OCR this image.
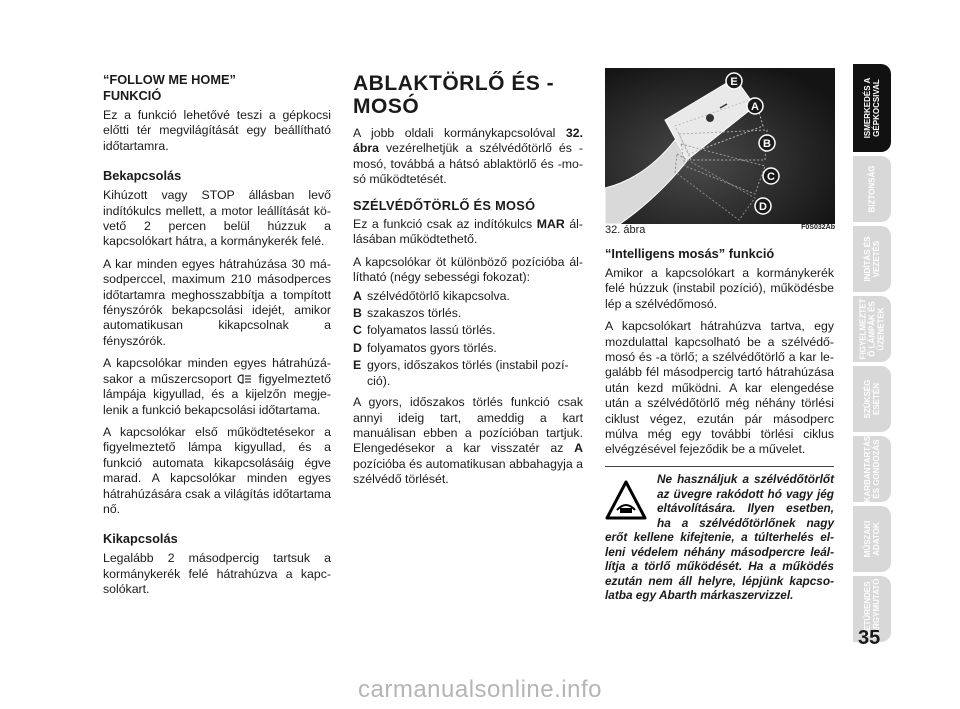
“FOLLOW ME HOME”
FUNKCIÓ

Ez a funkció lehetővé teszi a gépkocsi előtti tér megvilágítását egy beállítható időtartamra.

Bekapcsolás

Kihúzott vagy STOP állásban levő indítókulcs mellett, a motor leállítását követő 2 percen belül húzzuk a kapcsolókart hátra, a kormánykerék felé.

A kar minden egyes hátrahúzása 30 másodperccel, maximum 210 másodperces időtartamra meghosszabbítja a tompított fényszórók bekapcsolási idejét, amikor automatikusan kikapcsolnak a fényszórók.

A kapcsolókar minden egyes hátrahúzásakor a műszercsoport figyelmeztető lámpája kigyullad, és a kijelzőn megjelenik a funkció bekapcsolási időtartama.

A kapcsolókar első működtetésekor a figyelmeztető lámpa kigyullad, és a funkció automata kikapcsolásáig égve marad. A kapcsolókar minden egyes hátrahúzására csak a világítás időtartama nő.

Kikapcsolás

Legalább 2 másodpercig tartsuk a kormánykerék felé hátrahúzva a kapcsolókart.

ABLAKTÖRLŐ ÉS -
MOSÓ

A jobb oldali kormánykapcsolóval 32. ábra vezérelhetjük a szélvédőtörlő és -mosó, továbbá a hátsó ablaktörlő és -mosó működtetését.

SZÉLVÉDŐTÖRLŐ ÉS MOSÓ

Ez a funkció csak az indítókulcs MAR állásában működtethető.

A kapcsolókar öt különböző pozícióba állítható (négy sebességi fokozat):

A szélvédőtörlő kikapcsolva.
B szakaszos törlés.
C folyamatos lassú törlés.
D folyamatos gyors törlés.
E gyors, időszakos törlés (instabil pozíció).

A gyors, időszakos törlés funkció csak annyi ideig tart, ameddig a kart manuálisan ebben a pozícióban tartjuk. Elengedésekor a kar visszatér az A pozícióba és automatikusan abbahagyja a szélvédő törlését.

E
A
B
C
D
32. ábra	F0S032Ab
“Intelligens mosás” funkció

Amikor a kapcsolókart a kormánykerék felé húzzuk (instabil pozíció), működésbe lép a szélvédőmosó.

A kapcsolókart hátrahúzva tartva, egy mozdulattal kapcsolható be a szélvédőmosó és -a törlő; a szélvédőtörlő a kar legalább fél másodpercig tartó hátrahúzása után kezd működni. A kar elengedése után a szélvédőtörlő még néhány törlési ciklust végez, ezután pár másodperc múlva még egy további törlési ciklus elvégzésével fejeződik be a művelet.

Ne használjuk a szélvédőtörlőt az üvegre rakódott hó vagy jég eltávolítására. Ilyen esetben, ha a szélvédőtörlőnek nagy erőt kellene kifejtenie, a túlterhelés elleni védelem néhány másodpercre leállítja a törlő működését. Ha a működés ezután nem áll helyre, lépjünk kapcsolatba egy Abarth márkaszervizzel.
ISMERKEDÉS A GÉPKOCSIVAL
BIZTONSÁG
INDÍTÁS ÉS VEZETÉS
FIGYELMEZTET Ő LÁMPÁK ÉS ÜZENETEK
SZÜKSÉG ESETÉN
KARBANTARTÁS ÉS GONDOZÁS
MŰSZAKI ADATOK
BETŰRENDES TÁRGYMUTATÓ
35
carmanualsonline.info
